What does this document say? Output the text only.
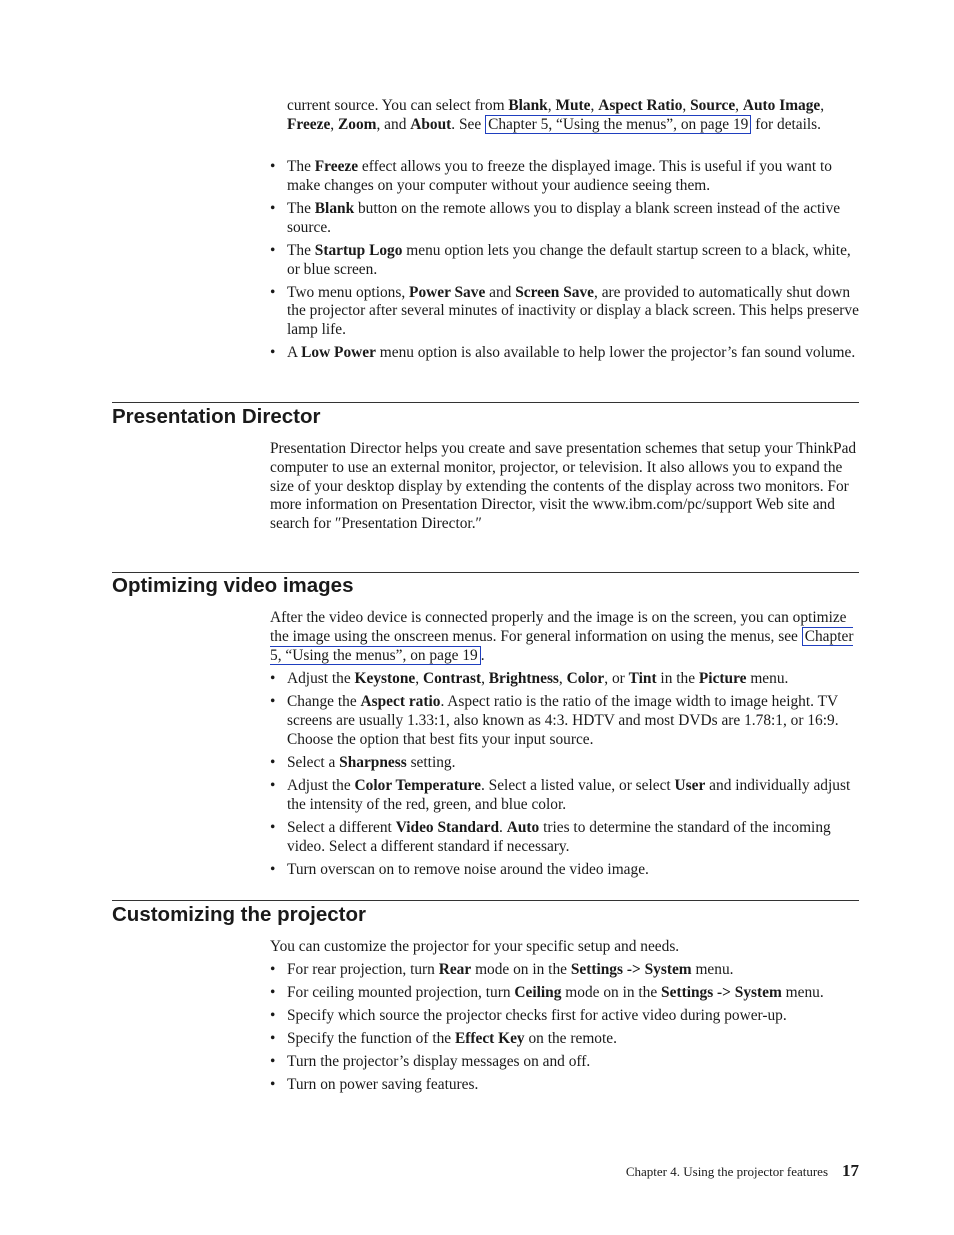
current source. You can select from Blank, Mute, Aspect Ratio, Source, Auto Image, Freeze, Zoom, and About. See Chapter 5, “Using the menus”, on page 19 for details.
• The Freeze effect allows you to freeze the displayed image. This is useful if you want to make changes on your computer without your audience seeing them.
• The Blank button on the remote allows you to display a blank screen instead of the active source.
• The Startup Logo menu option lets you change the default startup screen to a black, white, or blue screen.
• Two menu options, Power Save and Screen Save, are provided to automatically shut down the projector after several minutes of inactivity or display a black screen. This helps preserve lamp life.
• A Low Power menu option is also available to help lower the projector’s fan sound volume.
Presentation Director
Presentation Director helps you create and save presentation schemes that setup your ThinkPad computer to use an external monitor, projector, or television. It also allows you to expand the size of your desktop display by extending the contents of the display across two monitors. For more information on Presentation Director, visit the www.ibm.com/pc/support Web site and search for ″Presentation Director.″
Optimizing video images
After the video device is connected properly and the image is on the screen, you can optimize the image using the onscreen menus. For general information on using the menus, see Chapter 5, “Using the menus”, on page 19 .
• Adjust the Keystone, Contrast, Brightness, Color, or Tint in the Picture menu.
• Change the Aspect ratio. Aspect ratio is the ratio of the image width to image height. TV screens are usually 1.33:1, also known as 4:3. HDTV and most DVDs are 1.78:1, or 16:9. Choose the option that best fits your input source.
• Select a Sharpness setting.
• Adjust the Color Temperature. Select a listed value, or select User and individually adjust the intensity of the red, green, and blue color.
• Select a different Video Standard. Auto tries to determine the standard of the incoming video. Select a different standard if necessary.
• Turn overscan on to remove noise around the video image.
Customizing the projector
You can customize the projector for your specific setup and needs.
• For rear projection, turn Rear mode on in the Settings -> System menu.
• For ceiling mounted projection, turn Ceiling mode on in the Settings -> System menu.
• Specify which source the projector checks first for active video during power-up.
• Specify the function of the Effect Key on the remote.
• Turn the projector’s display messages on and off.
• Turn on power saving features.
Chapter 4. Using the projector features 17
